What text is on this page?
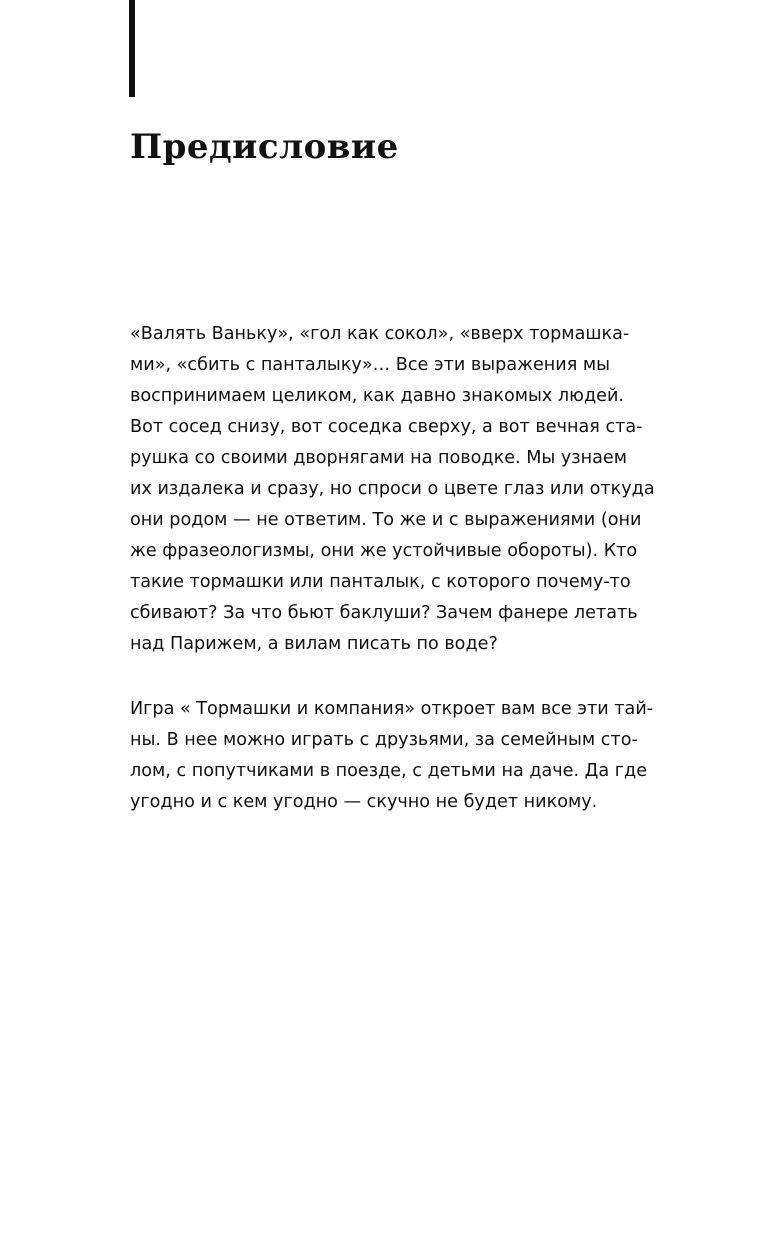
Предисловие

«Валять Ваньку», «гол как сокол», «вверх тормашка-
ми», «сбить с панталыку»… Все эти выражения мы
воспринимаем целиком, как давно знакомых людей.
Вот сосед снизу, вот соседка сверху, а вот вечная ста-
рушка со своими дворнягами на поводке. Мы узнаем
их издалека и сразу, но спроси о цвете глаз или откуда
они родом — не ответим. То же и с выражениями (они
же фразеологизмы, они же устойчивые обороты). Кто
такие тормашки или панталык, с которого почему-то
сбивают? За что бьют баклуши? Зачем фанере летать
над Парижем, а вилам писать по воде?

Игра « Тормашки и компания» откроет вам все эти тай-
ны. В нее можно играть с друзьями, за семейным сто-
лом, с попутчиками в поезде, с детьми на даче. Да где
угодно и с кем угодно — скучно не будет никому.
